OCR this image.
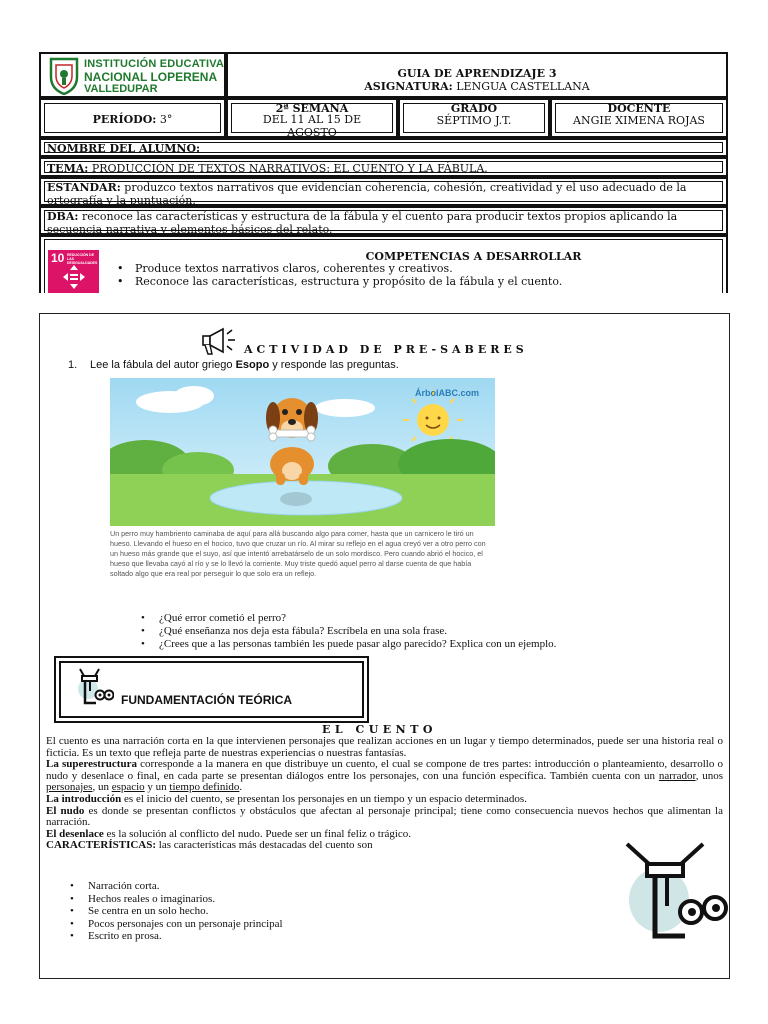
INSTITUCIÓN EDUCATIVA
NACIONAL LOPERENA
VALLEDUPAR
GUIA DE APRENDIZAJE 3
ASIGNATURA: LENGUA CASTELLANA
PERÍODO: 3°
2ª SEMANA
DEL 11 AL 15 DE AGOSTO
GRADO
SÉPTIMO J.T.
DOCENTE
ANGIE XIMENA ROJAS
NOMBRE DEL ALUMNO:
TEMA: PRODUCCIÓN DE TEXTOS NARRATIVOS: EL CUENTO Y LA FÁBULA.
ESTANDAR: produzco textos narrativos que evidencian coherencia, cohesión, creatividad y el uso adecuado de la ortografía y la puntuación.
DBA: reconoce las características y estructura de la fábula y el cuento para producir textos propios aplicando la secuencia narrativa y elementos básicos del relato.
10 REDUCCIÓN DE LAS DESIGUALDADES	COMPETENCIAS A DESARROLLAR
• Produce textos narrativos claros, coherentes y creativos.
• Reconoce las características, estructura y propósito de la fábula y el cuento.
ACTIVIDAD DE PRE-SABERES
1. Lee la fábula del autor griego Esopo y responde las preguntas.
ÁrbolABC.com
Un perro muy hambriento caminaba de aquí para allá buscando algo para comer, hasta que un carnicero le tiró un hueso. Llevando el hueso en el hocico, tuvo que cruzar un río. Al mirar su reflejo en el agua creyó ver a otro perro con un hueso más grande que el suyo, así que intentó arrebatárselo de un solo mordisco. Pero cuando abrió el hocico, el hueso que llevaba cayó al río y se lo llevó la corriente. Muy triste quedó aquel perro al darse cuenta de que había soltado algo que era real por perseguir lo que solo era un reflejo.
• ¿Qué error cometió el perro?
• ¿Qué enseñanza nos deja esta fábula? Escríbela en una sola frase.
• ¿Crees que a las personas también les puede pasar algo parecido? Explica con un ejemplo.
FUNDAMENTACIÓN TEÓRICA
EL CUENTO
El cuento es una narración corta en la que intervienen personajes que realizan acciones en un lugar y tiempo determinados, puede ser una historia real o ficticia. Es un texto que refleja parte de nuestras experiencias o nuestras fantasías.
La superestructura corresponde a la manera en que distribuye un cuento, el cual se compone de tres partes: introducción o planteamiento, desarrollo o nudo y desenlace o final, en cada parte se presentan diálogos entre los personajes, con una función específica. También cuenta con un narrador, unos personajes, un espacio y un tiempo definido.
La introducción es el inicio del cuento, se presentan los personajes en un tiempo y un espacio determinados.
El nudo es donde se presentan conflictos y obstáculos que afectan al personaje principal; tiene como consecuencia nuevos hechos que alimentan la narración.
El desenlace es la solución al conflicto del nudo. Puede ser un final feliz o trágico.
CARACTERÍSTICAS: las características más destacadas del cuento son
• Narración corta.
• Hechos reales o imaginarios.
• Se centra en un solo hecho.
• Pocos personajes con un personaje principal
• Escrito en prosa.
